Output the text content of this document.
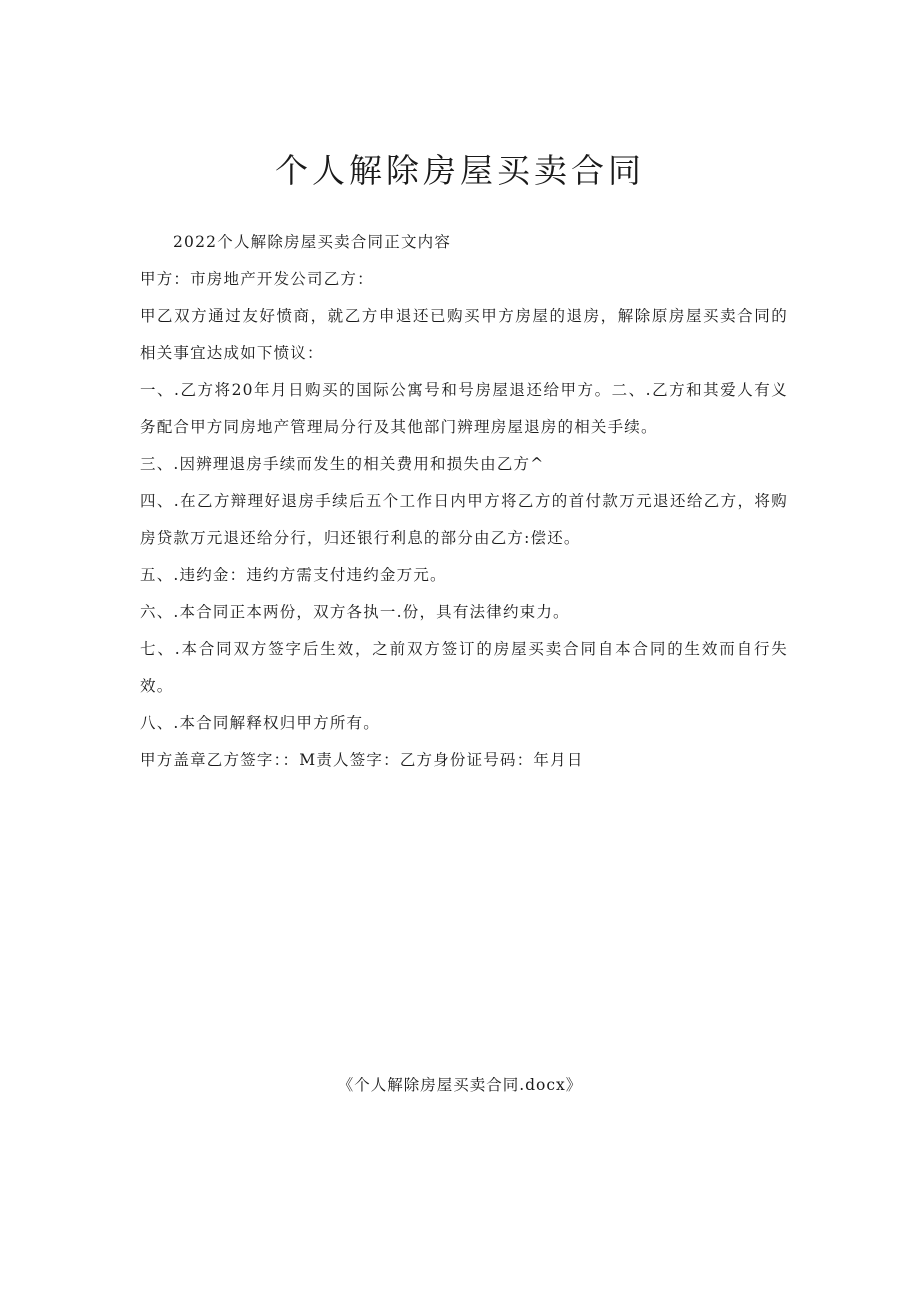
个人解除房屋买卖合同

2022个人解除房屋买卖合同正文内容

甲方：市房地产开发公司乙方：

甲乙双方通过友好愤商，就乙方申退还已购买甲方房屋的退房，解除原房屋买卖合同的相关事宜达成如下愤议：

一、.乙方将20年月日购买的国际公寓号和号房屋退还给甲方。二、.乙方和其爱人有义务配合甲方同房地产管理局分行及其他部门辨理房屋退房的相关手续。

三、.因辨理退房手续而发生的相关费用和损失由乙方^

四、.在乙方辩理好退房手续后五个工作日内甲方将乙方的首付款万元退还给乙方，将购房贷款万元退还给分行，归还银行利息的部分由乙方:偿还。

五、.违约金：违约方需支付违约金万元。

六、.本合同正本两份，双方各执一.份，具有法律约束力。

七、.本合同双方签字后生效，之前双方签订的房屋买卖合同自本合同的生效而自行失效。

八、.本合同解释权归甲方所有。

甲方盖章乙方签字：：M责人签字：乙方身份证号码：年月日

《个人解除房屋买卖合同.docx》
